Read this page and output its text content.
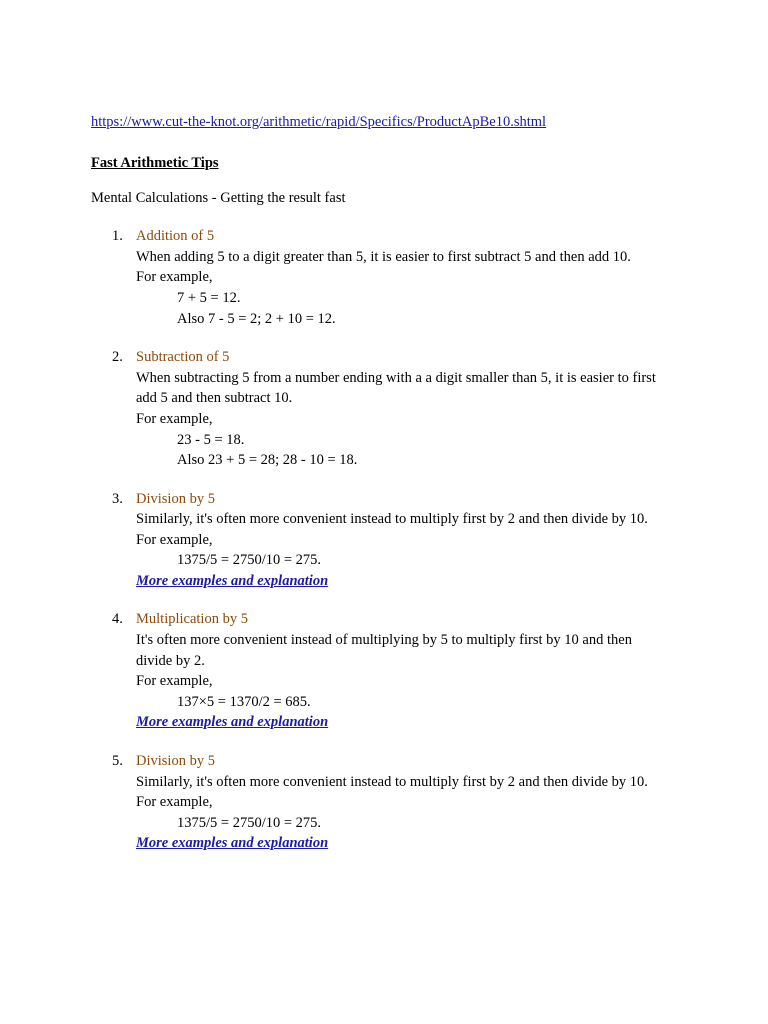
https://www.cut-the-knot.org/arithmetic/rapid/Specifics/ProductApBe10.shtml
Fast Arithmetic Tips
Mental Calculations - Getting the result fast
1. Addition of 5
When adding 5 to a digit greater than 5, it is easier to first subtract 5 and then add 10.
For example,
7 + 5 = 12.
Also 7 - 5 = 2; 2 + 10 = 12.
2. Subtraction of 5
When subtracting 5 from a number ending with a a digit smaller than 5, it is easier to first
add 5 and then subtract 10.
For example,
23 - 5 = 18.
Also 23 + 5 = 28; 28 - 10 = 18.
3. Division by 5
Similarly, it's often more convenient instead to multiply first by 2 and then divide by 10.
For example,
1375/5 = 2750/10 = 275.
More examples and explanation
4. Multiplication by 5
It's often more convenient instead of multiplying by 5 to multiply first by 10 and then
divide by 2.
For example,
137×5 = 1370/2 = 685.
More examples and explanation
5. Division by 5
Similarly, it's often more convenient instead to multiply first by 2 and then divide by 10.
For example,
1375/5 = 2750/10 = 275.
More examples and explanation
